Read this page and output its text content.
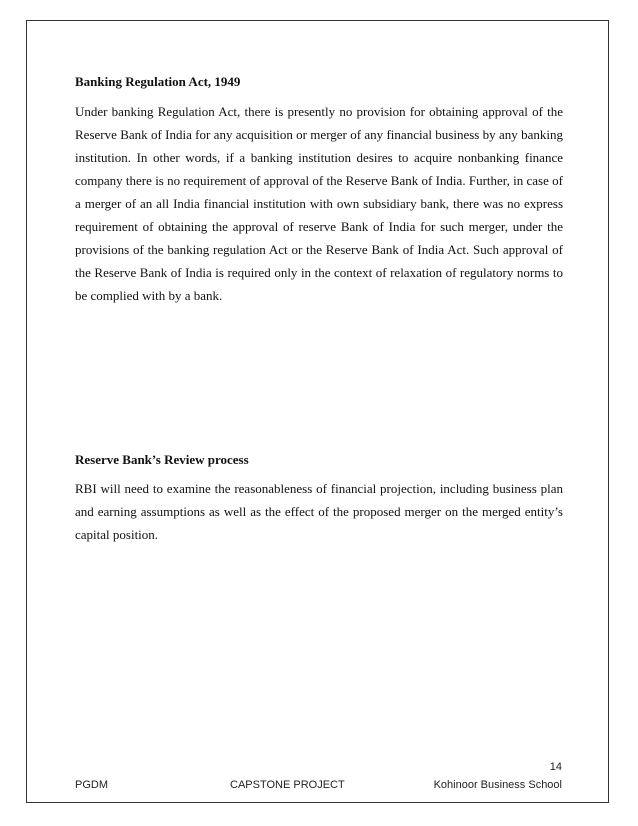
Banking Regulation Act, 1949

Under banking Regulation Act, there is presently no provision for obtaining approval of the Reserve Bank of India for any acquisition or merger of any financial business by any banking institution. In other words, if a banking institution desires to acquire nonbanking finance company there is no requirement of approval of the Reserve Bank of India. Further, in case of a merger of an all India financial institution with own subsidiary bank, there was no express requirement of obtaining the approval of reserve Bank of India for such merger, under the provisions of the banking regulation Act or the Reserve Bank of India Act. Such approval of the Reserve Bank of India is required only in the context of relaxation of regulatory norms to be complied with by a bank.

Reserve Bank’s Review process

RBI will need to examine the reasonableness of financial projection, including business plan and earning assumptions as well as the effect of the proposed merger on the merged entity’s capital position.

14
PGDM	CAPSTONE PROJECT	Kohinoor Business School
